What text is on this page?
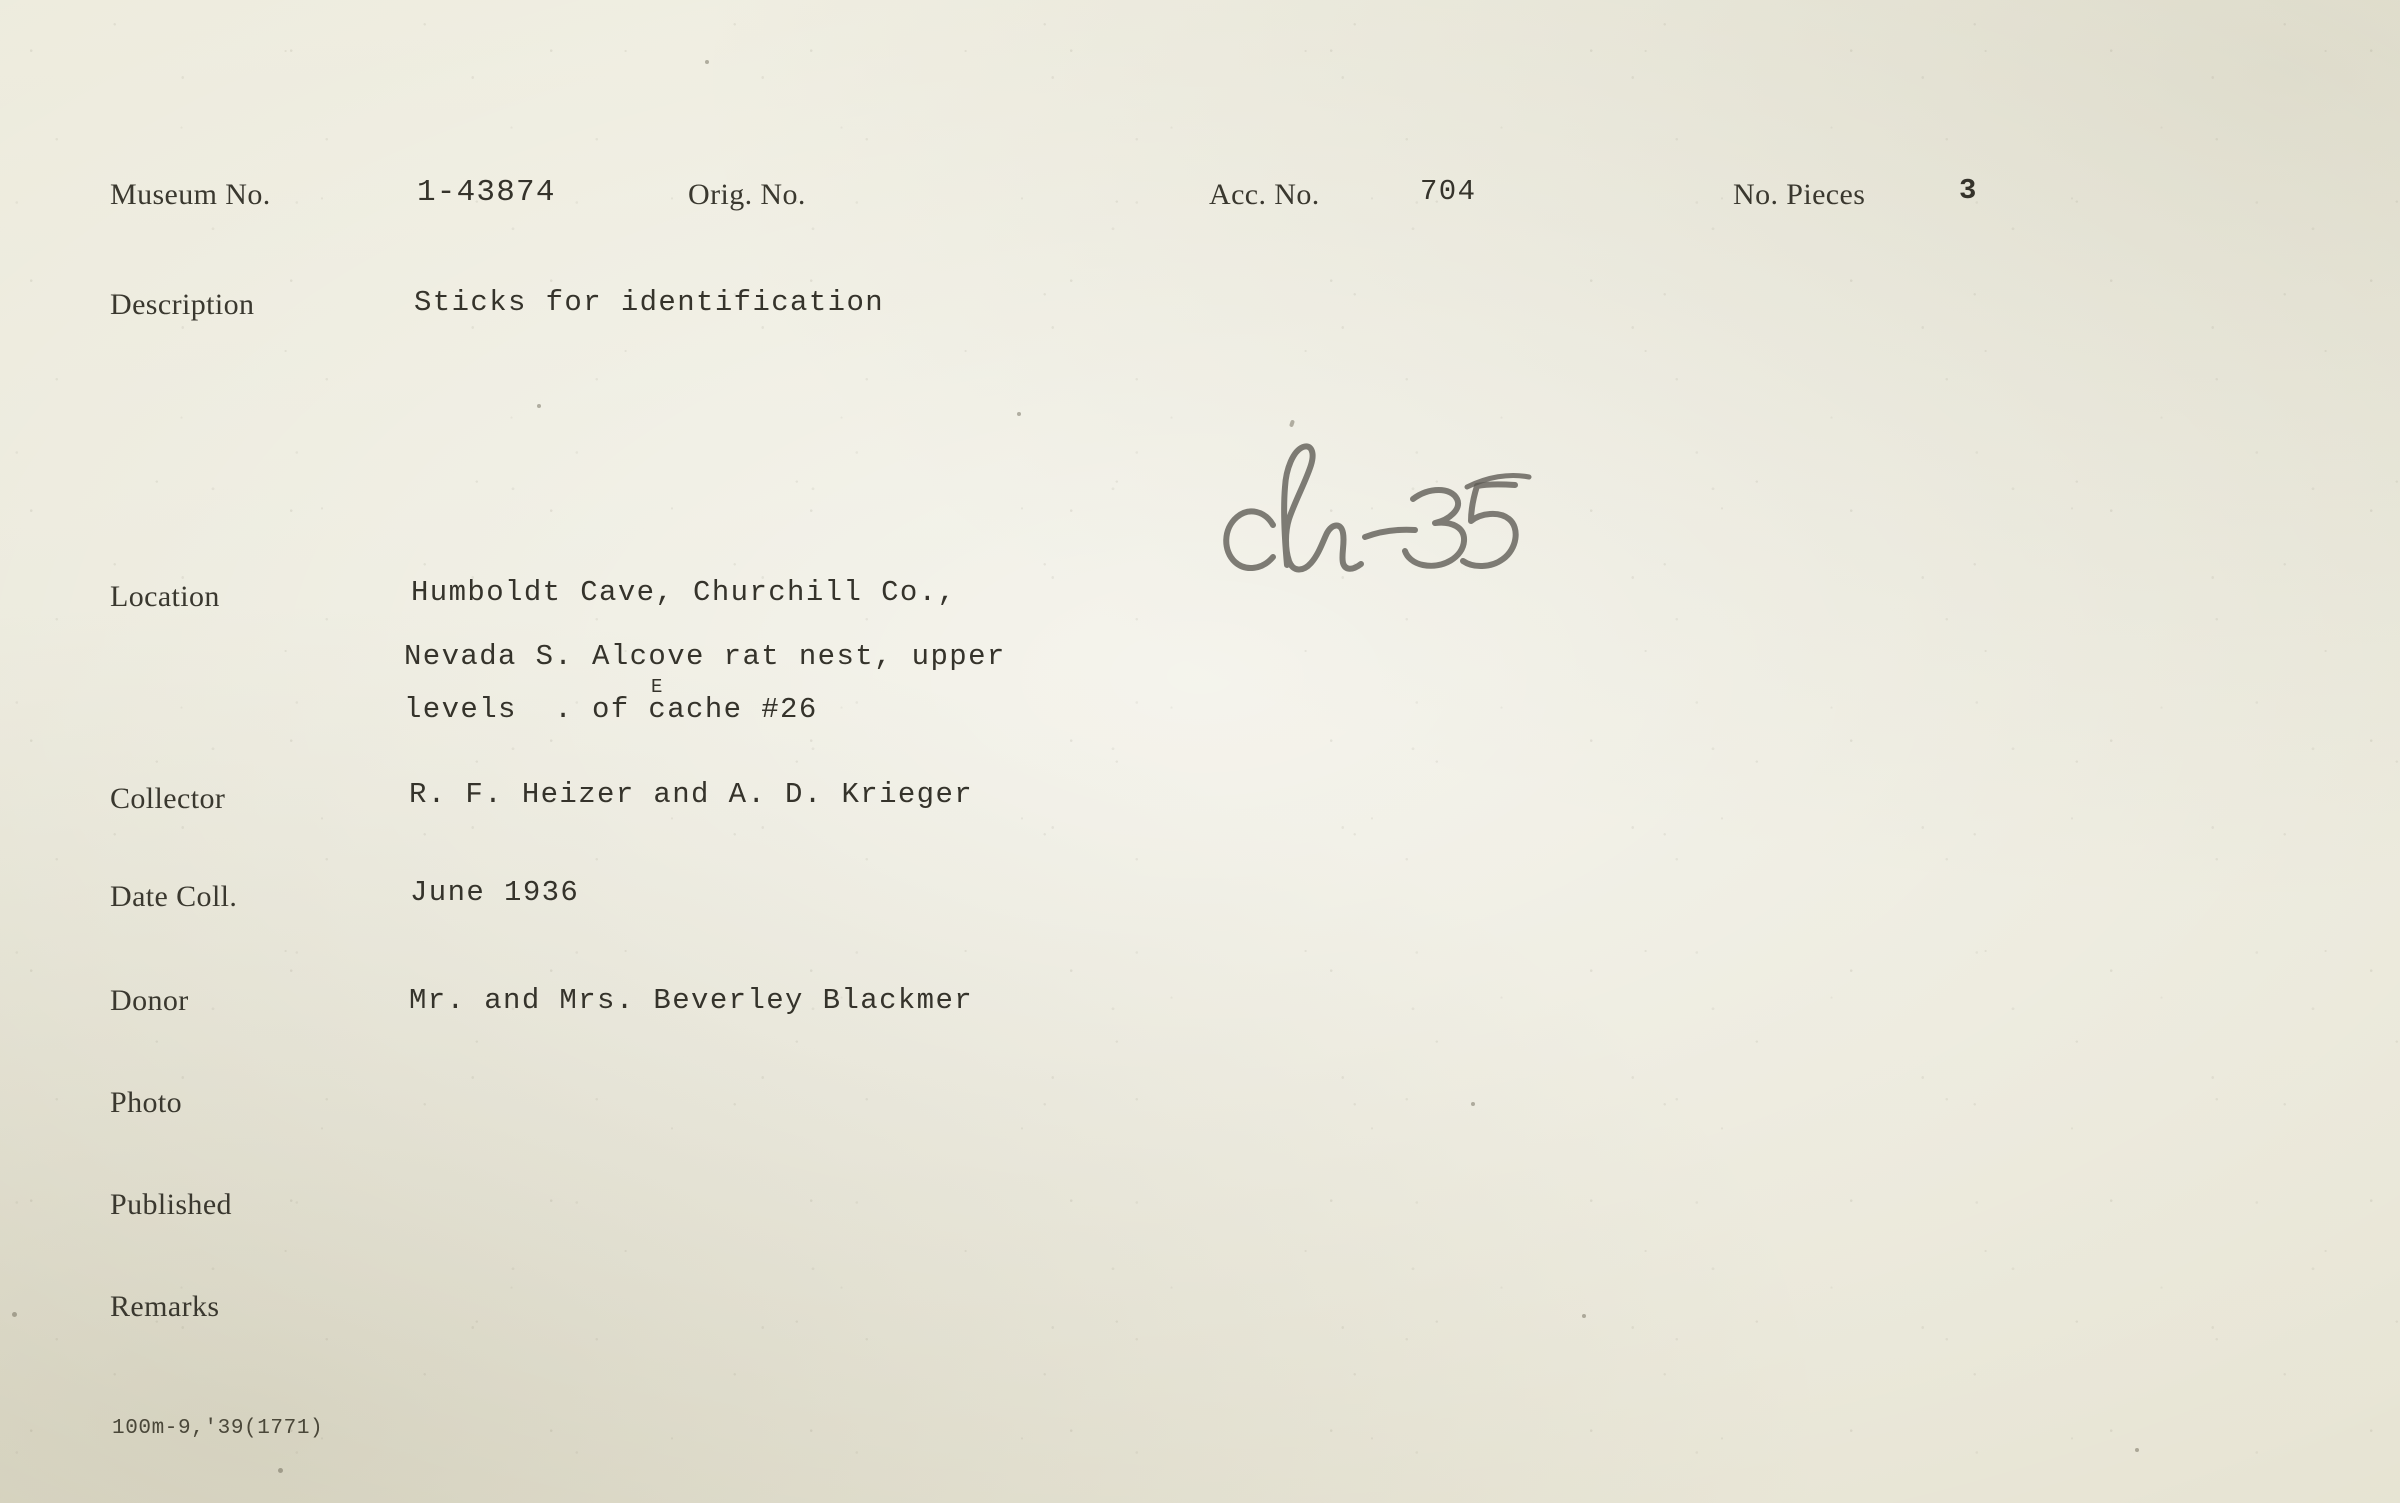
Museum No.	1-43874	Orig. No.	Acc. No.	704	No. Pieces	3
Description	Sticks for identification
Location	Humboldt Cave, Churchill Co.,
Nevada S. Alcove rat nest, upper
levels  . of cache #26
E
Collector	R. F. Heizer and A. D. Krieger
Date Coll.	June 1936
Donor	Mr. and Mrs. Beverley Blackmer
Photo
Published
Remarks
100m-9,'39(1771)
